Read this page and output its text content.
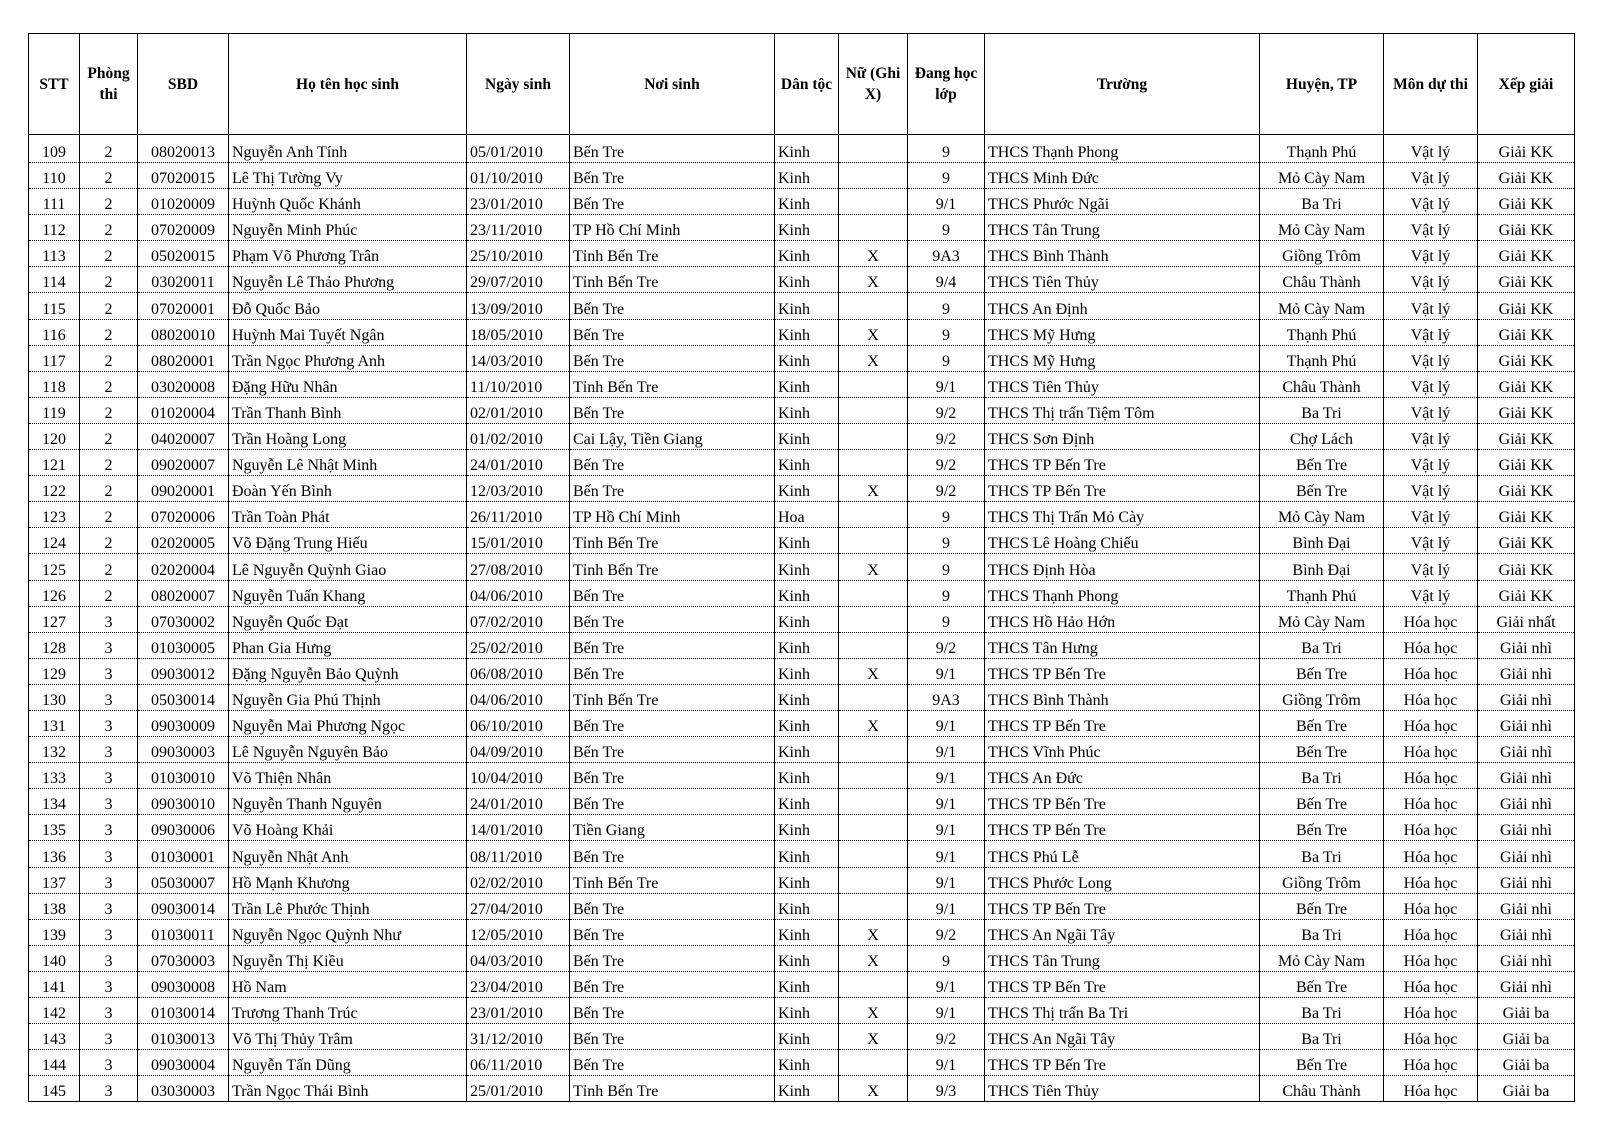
STT	Phòng thi	SBD	Họ tên học sinh	Ngày sinh	Nơi sinh	Dân tộc	Nữ (Ghi X)	Đang học lớp	Trường	Huyện, TP	Môn dự thi	Xếp giải
109	2	08020013	Nguyễn Anh Tính	05/01/2010	Bến Tre	Kinh		9	THCS Thạnh Phong	Thạnh Phú	Vật lý	Giải KK
110	2	07020015	Lê Thị Tường Vy	01/10/2010	Bến Tre	Kinh		9	THCS Minh Đức	Mỏ Cày Nam	Vật lý	Giải KK
111	2	01020009	Huỳnh Quốc Khánh	23/01/2010	Bến Tre	Kinh		9/1	THCS Phước Ngãi	Ba Tri	Vật lý	Giải KK
112	2	07020009	Nguyễn Minh Phúc	23/11/2010	TP Hồ Chí Minh	Kinh		9	THCS Tân Trung	Mỏ Cày Nam	Vật lý	Giải KK
113	2	05020015	Phạm Võ Phương Trân	25/10/2010	Tỉnh Bến Tre	Kinh	X	9A3	THCS Bình Thành	Giồng Trôm	Vật lý	Giải KK
114	2	03020011	Nguyễn Lê Thảo Phương	29/07/2010	Tỉnh Bến Tre	Kinh	X	9/4	THCS Tiên Thủy	Châu Thành	Vật lý	Giải KK
115	2	07020001	Đỗ Quốc Bảo	13/09/2010	Bến Tre	Kinh		9	THCS An Định	Mỏ Cày Nam	Vật lý	Giải KK
116	2	08020010	Huỳnh Mai Tuyết Ngân	18/05/2010	Bến Tre	Kinh	X	9	THCS Mỹ Hưng	Thạnh Phú	Vật lý	Giải KK
117	2	08020001	Trần Ngọc Phương Anh	14/03/2010	Bến Tre	Kinh	X	9	THCS Mỹ Hưng	Thạnh Phú	Vật lý	Giải KK
118	2	03020008	Đặng Hữu Nhân	11/10/2010	Tỉnh Bến Tre	Kinh		9/1	THCS Tiên Thủy	Châu Thành	Vật lý	Giải KK
119	2	01020004	Trần Thanh Bình	02/01/2010	Bến Tre	Kinh		9/2	THCS Thị trấn Tiệm Tôm	Ba Tri	Vật lý	Giải KK
120	2	04020007	Trần Hoàng Long	01/02/2010	Cai Lậy, Tiền Giang	Kinh		9/2	THCS Sơn Định	Chợ Lách	Vật lý	Giải KK
121	2	09020007	Nguyễn Lê Nhật Minh	24/01/2010	Bến Tre	Kinh		9/2	THCS TP Bến Tre	Bến Tre	Vật lý	Giải KK
122	2	09020001	Đoàn Yến Bình	12/03/2010	Bến Tre	Kinh	X	9/2	THCS TP Bến Tre	Bến Tre	Vật lý	Giải KK
123	2	07020006	Trần Toàn Phát	26/11/2010	TP Hồ Chí Minh	Hoa		9	THCS Thị Trấn Mỏ Cày	Mỏ Cày Nam	Vật lý	Giải KK
124	2	02020005	Võ Đặng Trung Hiếu	15/01/2010	Tỉnh Bến Tre	Kinh		9	THCS Lê Hoàng Chiếu	Bình Đại	Vật lý	Giải KK
125	2	02020004	Lê Nguyễn Quỳnh Giao	27/08/2010	Tỉnh Bến Tre	Kinh	X	9	THCS Định Hòa	Bình Đại	Vật lý	Giải KK
126	2	08020007	Nguyễn Tuấn Khang	04/06/2010	Bến Tre	Kinh		9	THCS Thạnh Phong	Thạnh Phú	Vật lý	Giải KK
127	3	07030002	Nguyễn Quốc Đạt	07/02/2010	Bến Tre	Kinh		9	THCS Hồ Hảo Hớn	Mỏ Cày Nam	Hóa học	Giải nhất
128	3	01030005	Phan Gia Hưng	25/02/2010	Bến Tre	Kinh		9/2	THCS Tân Hưng	Ba Tri	Hóa học	Giải nhì
129	3	09030012	Đặng Nguyễn Bảo Quỳnh	06/08/2010	Bến Tre	Kinh	X	9/1	THCS TP Bến Tre	Bến Tre	Hóa học	Giải nhì
130	3	05030014	Nguyễn Gia Phú Thịnh	04/06/2010	Tỉnh Bến Tre	Kinh		9A3	THCS Bình Thành	Giồng Trôm	Hóa học	Giải nhì
131	3	09030009	Nguyễn Mai Phương Ngọc	06/10/2010	Bến Tre	Kinh	X	9/1	THCS TP Bến Tre	Bến Tre	Hóa học	Giải nhì
132	3	09030003	Lê Nguyễn Nguyên Bảo	04/09/2010	Bến Tre	Kinh		9/1	THCS Vĩnh Phúc	Bến Tre	Hóa học	Giải nhì
133	3	01030010	Võ Thiện Nhân	10/04/2010	Bến Tre	Kinh		9/1	THCS An Đức	Ba Tri	Hóa học	Giải nhì
134	3	09030010	Nguyễn Thanh Nguyên	24/01/2010	Bến Tre	Kinh		9/1	THCS TP Bến Tre	Bến Tre	Hóa học	Giải nhì
135	3	09030006	Võ Hoàng Khải	14/01/2010	Tiền Giang	Kinh		9/1	THCS TP Bến Tre	Bến Tre	Hóa học	Giải nhì
136	3	01030001	Nguyễn Nhật Anh	08/11/2010	Bến Tre	Kinh		9/1	THCS Phú Lễ	Ba Tri	Hóa học	Giải nhì
137	3	05030007	Hồ Mạnh Khương	02/02/2010	Tỉnh Bến Tre	Kinh		9/1	THCS Phước Long	Giồng Trôm	Hóa học	Giải nhì
138	3	09030014	Trần Lê Phước Thịnh	27/04/2010	Bến Tre	Kinh		9/1	THCS TP Bến Tre	Bến Tre	Hóa học	Giải nhì
139	3	01030011	Nguyễn Ngọc Quỳnh Như	12/05/2010	Bến Tre	Kinh	X	9/2	THCS An Ngãi Tây	Ba Tri	Hóa học	Giải nhì
140	3	07030003	Nguyễn Thị Kiều	04/03/2010	Bến Tre	Kinh	X	9	THCS Tân Trung	Mỏ Cày Nam	Hóa học	Giải nhì
141	3	09030008	Hồ Nam	23/04/2010	Bến Tre	Kinh		9/1	THCS TP Bến Tre	Bến Tre	Hóa học	Giải nhì
142	3	01030014	Trương Thanh Trúc	23/01/2010	Bến Tre	Kinh	X	9/1	THCS Thị trấn Ba Tri	Ba Tri	Hóa học	Giải ba
143	3	01030013	Võ Thị Thủy Trâm	31/12/2010	Bến Tre	Kinh	X	9/2	THCS An Ngãi Tây	Ba Tri	Hóa học	Giải ba
144	3	09030004	Nguyễn Tấn Dũng	06/11/2010	Bến Tre	Kinh		9/1	THCS TP Bến Tre	Bến Tre	Hóa học	Giải ba
145	3	03030003	Trần Ngọc Thái Bình	25/01/2010	Tỉnh Bến Tre	Kinh	X	9/3	THCS Tiên Thủy	Châu Thành	Hóa học	Giải ba
